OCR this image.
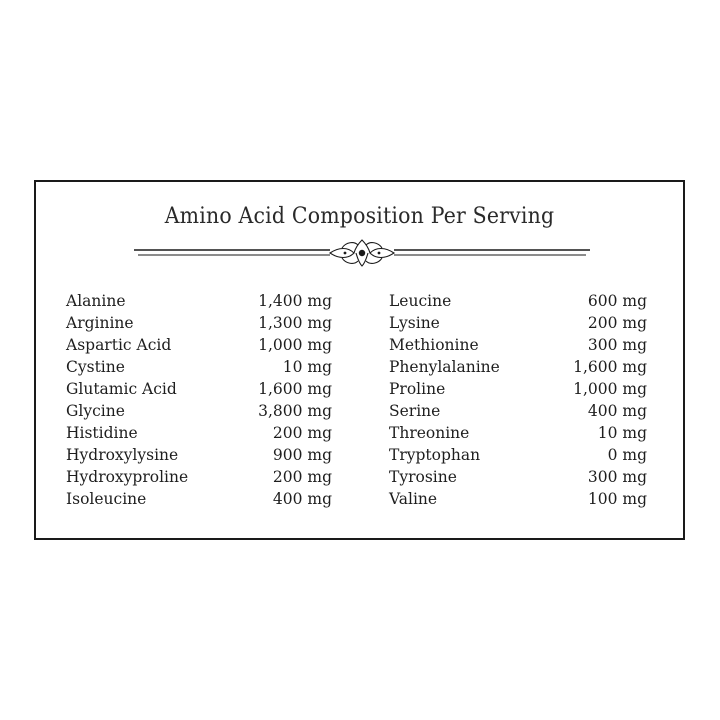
Amino Acid Composition Per Serving
Alanine	1,400 mg
Arginine	1,300 mg
Aspartic Acid	1,000 mg
Cystine	10 mg
Glutamic Acid	1,600 mg
Glycine	3,800 mg
Histidine	200 mg
Hydroxylysine	900 mg
Hydroxyproline	200 mg
Isoleucine	400 mg
Leucine	600 mg
Lysine	200 mg
Methionine	300 mg
Phenylalanine	1,600 mg
Proline	1,000 mg
Serine	400 mg
Threonine	10 mg
Tryptophan	0 mg
Tyrosine	300 mg
Valine	100 mg
